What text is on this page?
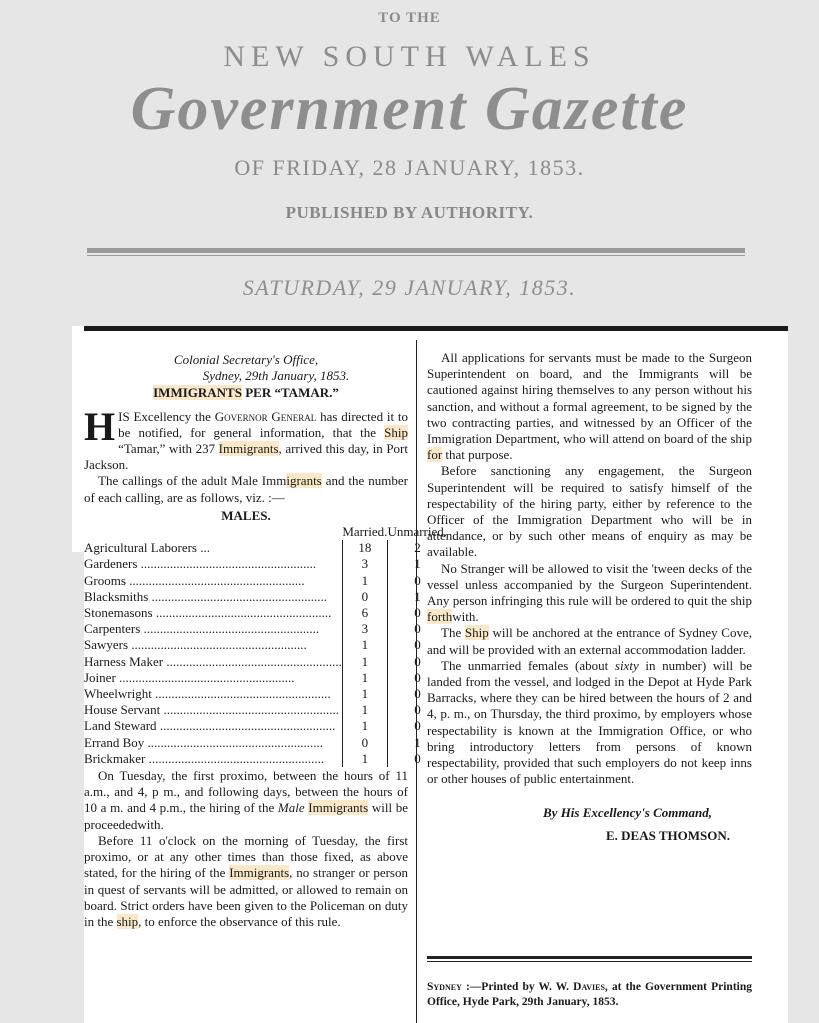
TO THE
NEW SOUTH WALES
Government Gazette
OF FRIDAY, 28 JANUARY, 1853.
PUBLISHED BY AUTHORITY.
SATURDAY, 29 JANUARY, 1853.

Colonial Secretary's Office,

Sydney, 29th January, 1853.

IMMIGRANTS PER “TAMAR.”

HIS Excellency the Governor General has directed it to be notified, for general information, that the Ship “Tamar,” with 237 Immigrants, arrived this day, in Port Jackson.

The callings of the adult Male Immigrants and the number of each calling, are as follows, viz. :—

MALES.

	Married.	Unmarried.
Agricultural Laborers ...	18	2
Gardeners .....	3	1
Grooms .....	1	0
Blacksmiths .....	0	1
Stonemasons .....	6	0
Carpenters .....	3	0
Sawyers .....	1	0
Harness Maker .....	1	0
Joiner .....	1	0
Wheelwright .....	1	0
House Servant .....	1	0
Land Steward .....	1	0
Errand Boy .....	0	1
Brickmaker .....	1	0

On Tuesday, the first proximo, between the hours of 11 a.m., and 4, p m., and following days, between the hours of 10 a m. and 4 p.m., the hiring of the Male Immigrants will be proceededwith.

Before 11 o'clock on the morning of Tuesday, the first proximo, or at any other times than those fixed, as above stated, for the hiring of the Immigrants, no stranger or person in quest of servants will be admitted, or allowed to remain on board. Strict orders have been given to the Policeman on duty in the ship, to enforce the observance of this rule.

All applications for servants must be made to the Surgeon Superintendent on board, and the Immigrants will be cautioned against hiring themselves to any person without his sanction, and without a formal agreement, to be signed by the two contracting parties, and witnessed by an Officer of the Immigration Department, who will attend on board of the ship for that purpose.

Before sanctioning any engagement, the Surgeon Superintendent will be required to satisfy himself of the respectability of the hiring party, either by reference to the Officer of the Immigration Department who will be in attendance, or by such other means of enquiry as may be available.

No Stranger will be allowed to visit the 'tween decks of the vessel unless accompanied by the Surgeon Superintendent. Any person infringing this rule will be ordered to quit the ship forthwith.

The Ship will be anchored at the entrance of Sydney Cove, and will be provided with an external accommodation ladder.

The unmarried females (about sixty in number) will be landed from the vessel, and lodged in the Depot at Hyde Park Barracks, where they can be hired between the hours of 2 and 4, p. m., on Thursday, the third proximo, by employers whose respectability is known at the Immigration Office, or who bring introductory letters from persons of known respectability, provided that such employers do not keep inns or other houses of public entertainment.

By His Excellency's Command,

E. DEAS THOMSON.

Sydney :—Printed by W. W. Davies, at the Government Printing Office, Hyde Park, 29th January, 1853.
